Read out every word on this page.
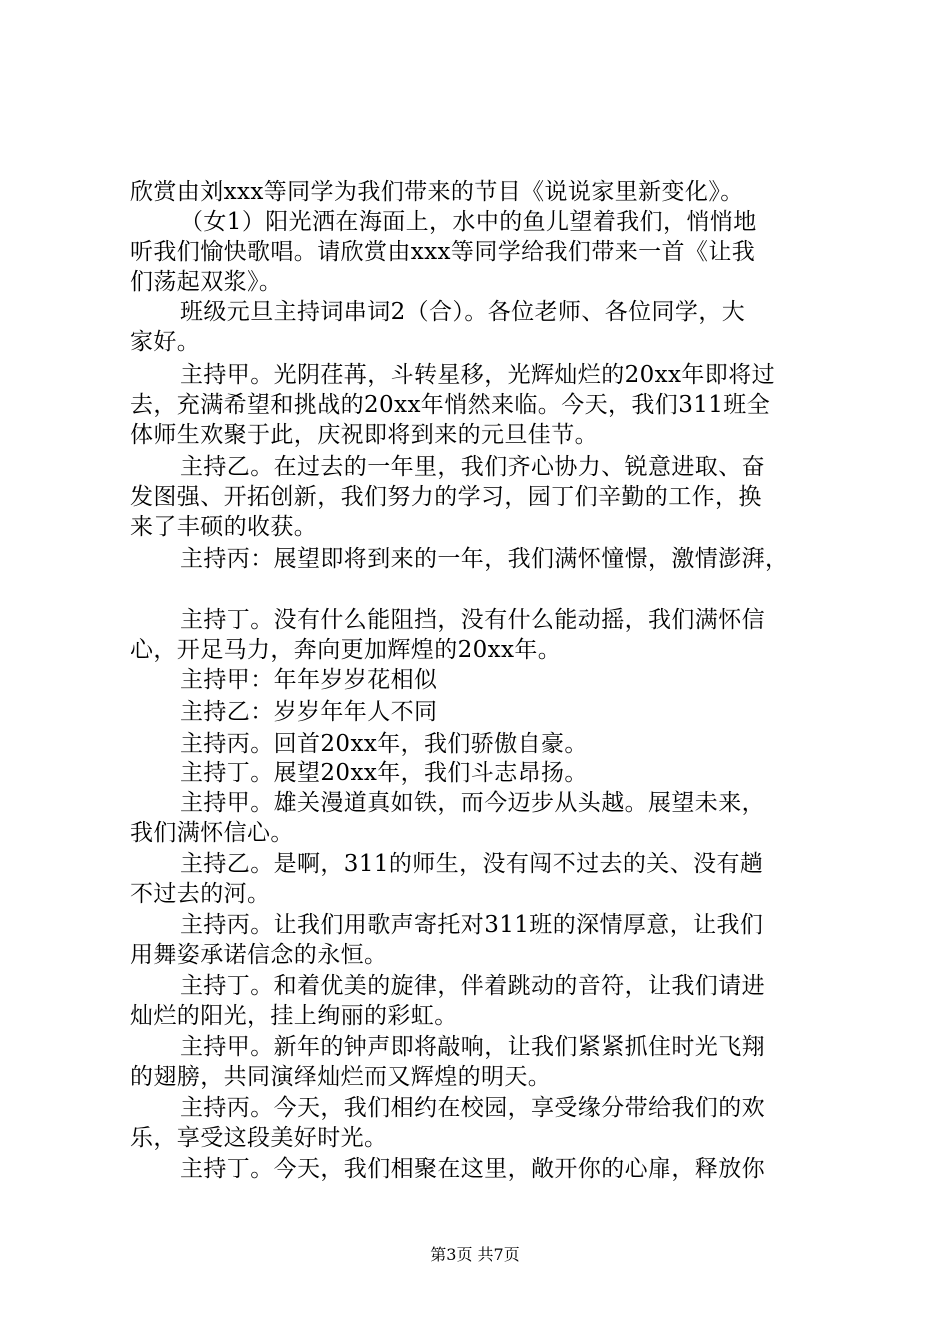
欣赏由刘xxx等同学为我们带来的节目《说说家里新变化》。
（女1）阳光洒在海面上，水中的鱼儿望着我们，悄悄地
听我们愉快歌唱。请欣赏由xxx等同学给我们带来一首《让我
们荡起双浆》。
班级元旦主持词串词2（合）。各位老师、各位同学，大
家好。
主持甲。光阴荏苒，斗转星移，光辉灿烂的20xx年即将过
去，充满希望和挑战的20xx年悄然来临。今天，我们311班全
体师生欢聚于此，庆祝即将到来的元旦佳节。
主持乙。在过去的一年里，我们齐心协力、锐意进取、奋
发图强、开拓创新，我们努力的学习，园丁们辛勤的工作，换
来了丰硕的收获。
主持丙：展望即将到来的一年，我们满怀憧憬，激情澎湃，
主持丁。没有什么能阻挡，没有什么能动摇，我们满怀信
心，开足马力，奔向更加辉煌的20xx年。
主持甲：年年岁岁花相似
主持乙：岁岁年年人不同
主持丙。回首20xx年，我们骄傲自豪。
主持丁。展望20xx年，我们斗志昂扬。
主持甲。雄关漫道真如铁，而今迈步从头越。展望未来，
我们满怀信心。
主持乙。是啊，311的师生，没有闯不过去的关、没有趟
不过去的河。
主持丙。让我们用歌声寄托对311班的深情厚意，让我们
用舞姿承诺信念的永恒。
主持丁。和着优美的旋律，伴着跳动的音符，让我们请进
灿烂的阳光，挂上绚丽的彩虹。
主持甲。新年的钟声即将敲响，让我们紧紧抓住时光飞翔
的翅膀，共同演绎灿烂而又辉煌的明天。
主持丙。今天，我们相约在校园，享受缘分带给我们的欢
乐，享受这段美好时光。
主持丁。今天，我们相聚在这里，敞开你的心扉，释放你
第3页 共7页
